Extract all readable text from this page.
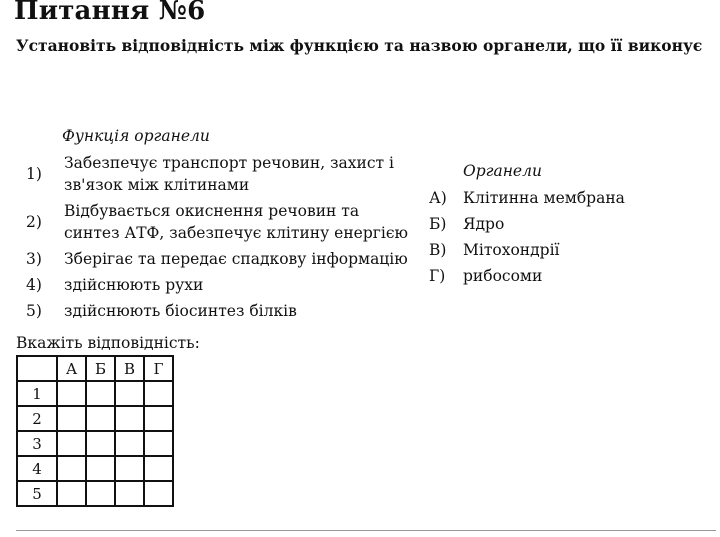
Питання №6
Установіть відповідність між функцією та назвою органели, що її виконує
Функція органели
Органели
1)
Забезпечує транспорт речовин, захист і
зв'язок між клітинами
2)
Відбувається окиснення речовин та
синтез АТФ, забезпечує клітину енергією
3) Зберігає та передає спадкову інформацію
4) здійснюють рухи
5) здійснюють біосинтез білків
А) Клітинна мембрана
Б) Ядро
В) Мітохондрії
Г) рибосоми
Вкажіть відповідність:
	А	Б	В	Г
1				
2				
3				
4				
5				
